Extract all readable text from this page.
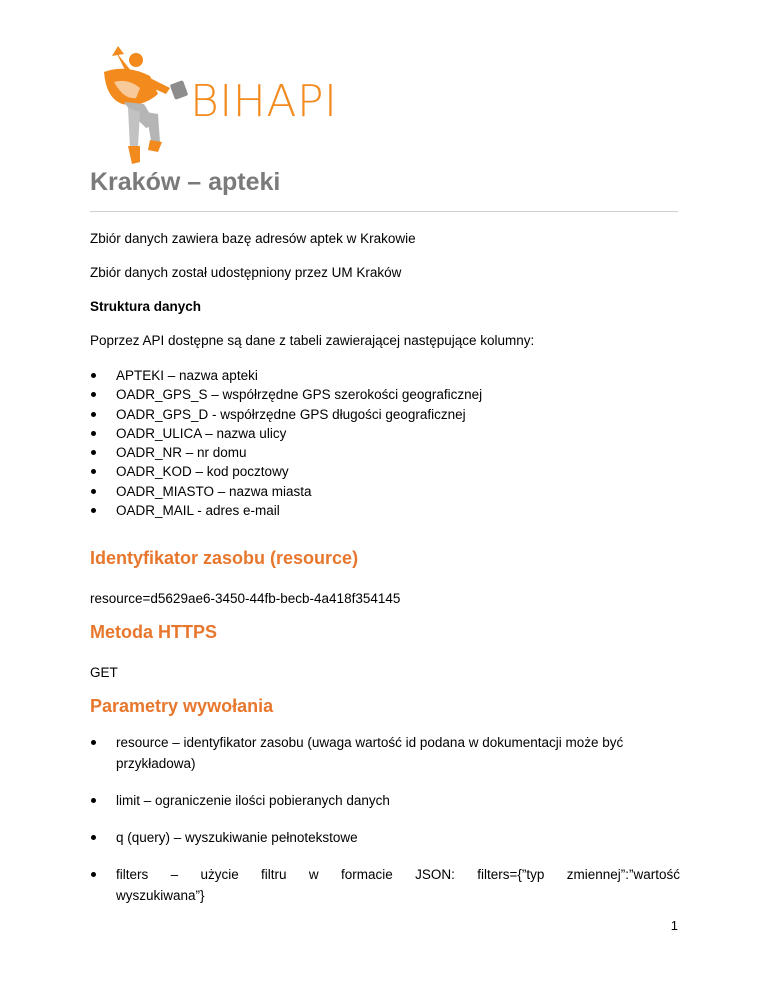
BIHAPI
Kraków – apteki

Zbiór danych zawiera bazę adresów aptek w Krakowie

Zbiór danych został udostępniony przez UM Kraków

Struktura danych

Poprzez API dostępne są dane z tabeli zawierającej następujące kolumny:

APTEKI – nazwa apteki
OADR_GPS_S – współrzędne GPS szerokości geograficznej
OADR_GPS_D - współrzędne GPS długości geograficznej
OADR_ULICA – nazwa ulicy
OADR_NR – nr domu
OADR_KOD – kod pocztowy
OADR_MIASTO – nazwa miasta
OADR_MAIL - adres e-mail
Identyfikator zasobu (resource)

resource=d5629ae6-3450-44fb-becb-4a418f354145

Metoda HTTPS

GET

Parametry wywołania
resource – identyfikator zasobu (uwaga wartość id podana w dokumentacji może być
przykładowa)
limit – ograniczenie ilości pobieranych danych
q (query) – wyszukiwanie pełnotekstowe
filters – użycie filtru w formacie JSON: filters={”typ zmiennej”:”wartość
wyszukiwana”}

1
